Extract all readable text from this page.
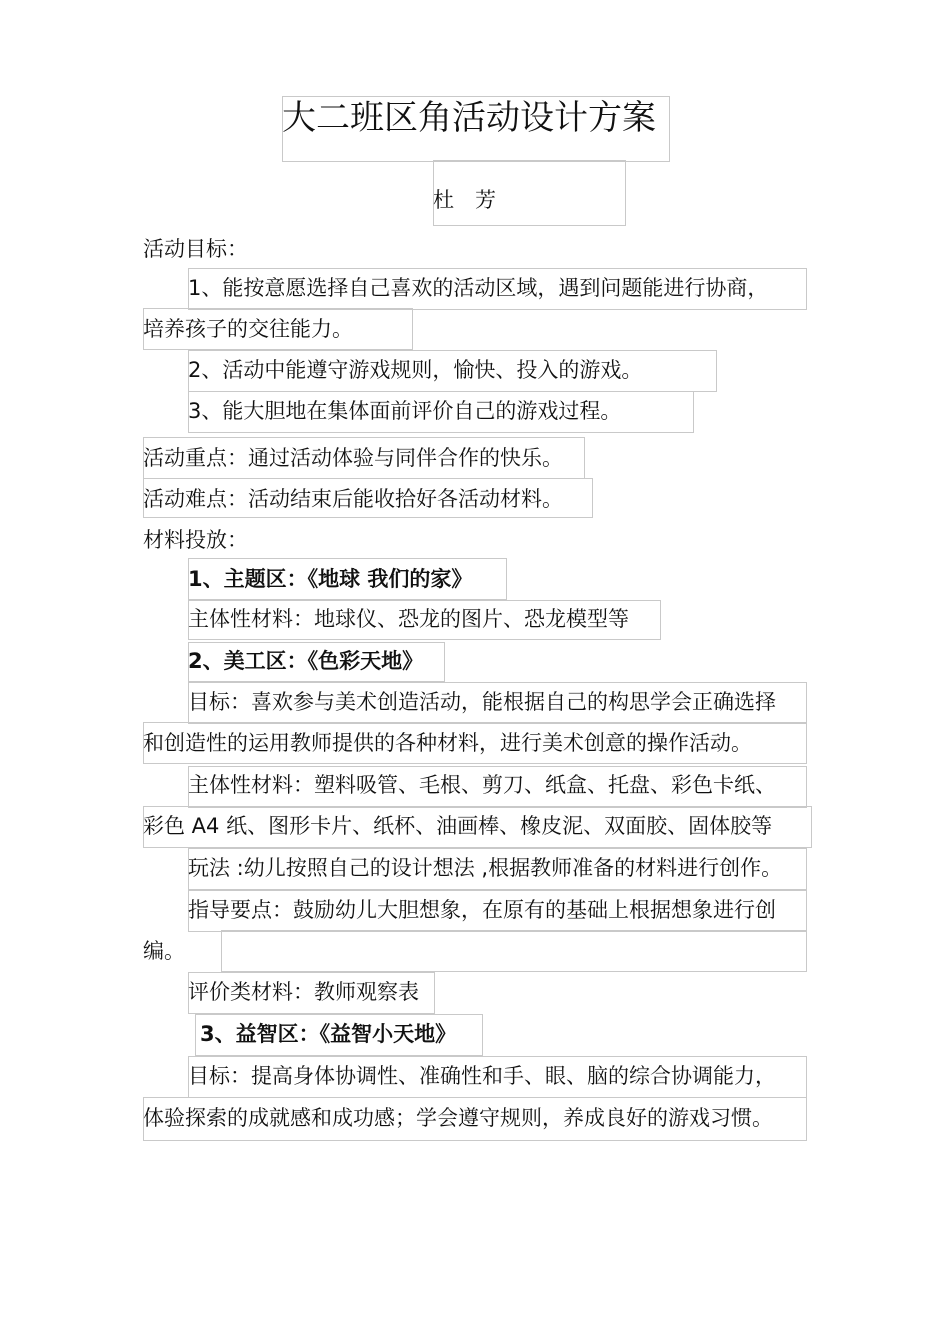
大二班区角活动设计方案
杜　芳
活动目标：
1、能按意愿选择自己喜欢的活动区域，遇到问题能进行协商，
培养孩子的交往能力。
2、活动中能遵守游戏规则，愉快、投入的游戏。
3、能大胆地在集体面前评价自己的游戏过程。
活动重点：通过活动体验与同伴合作的快乐。
活动难点：活动结束后能收拾好各活动材料。
材料投放：
1、主题区：《地球 我们的家》
主体性材料：地球仪、恐龙的图片、恐龙模型等
2、美工区：《色彩天地》
目标：喜欢参与美术创造活动，能根据自己的构思学会正确选择
和创造性的运用教师提供的各种材料，进行美术创意的操作活动。
主体性材料：塑料吸管、毛根、剪刀、纸盒、托盘、彩色卡纸、
彩色 A4 纸、图形卡片、纸杯、油画棒、橡皮泥、双面胶、固体胶等
玩法 :幼儿按照自己的设计想法 ,根据教师准备的材料进行创作。
指导要点：鼓励幼儿大胆想象，在原有的基础上根据想象进行创
编。
评价类材料：教师观察表
3、益智区：《益智小天地》
目标：提高身体协调性、准确性和手、眼、脑的综合协调能力，
体验探索的成就感和成功感；学会遵守规则，养成良好的游戏习惯。
